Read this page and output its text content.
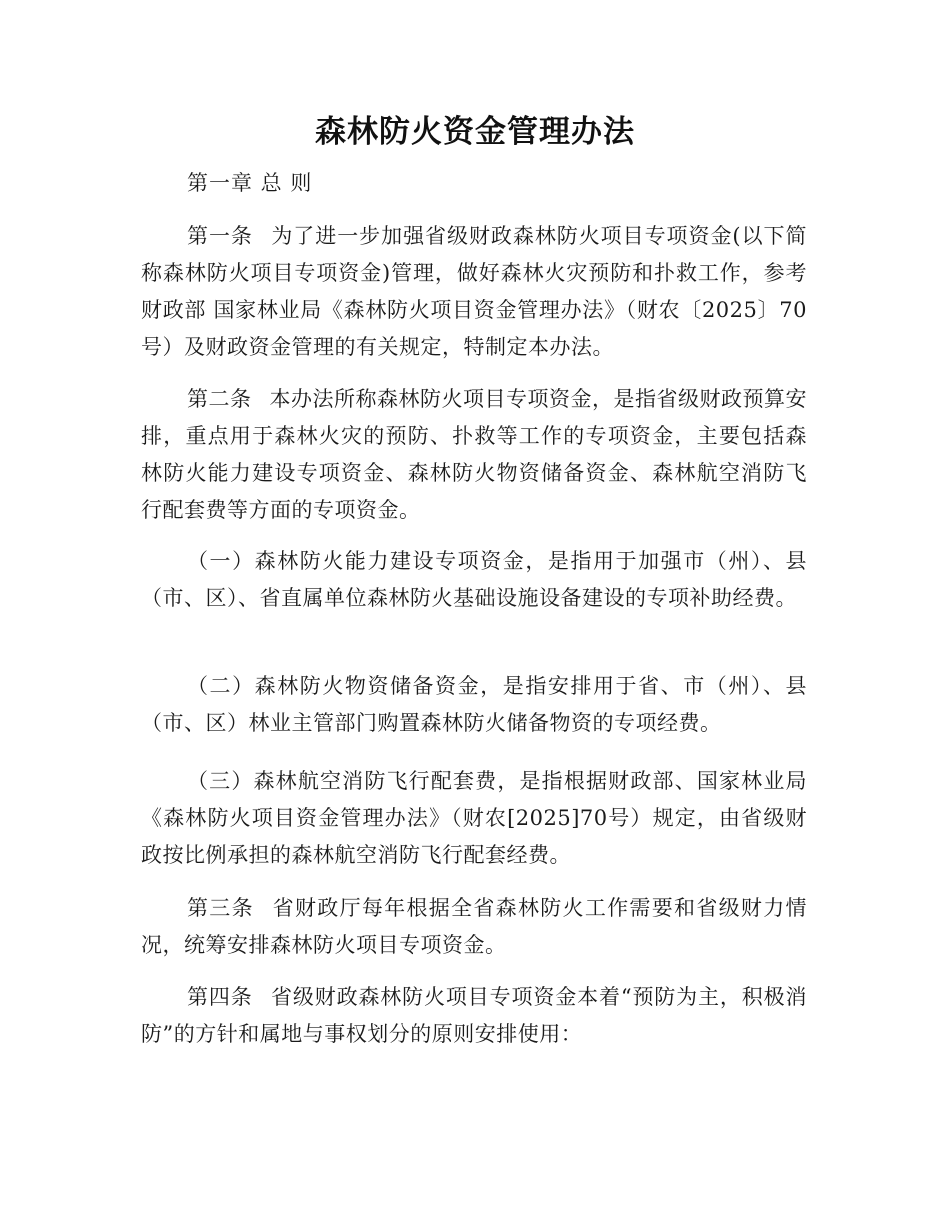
森林防火资金管理办法
第一章 总 则
第一条 为了进一步加强省级财政森林防火项目专项资金(以下简称森林防火项目专项资金)管理，做好森林火灾预防和扑救工作，参考财政部 国家林业局《森林防火项目资金管理办法》（财农〔2025〕70号）及财政资金管理的有关规定，特制定本办法。
第二条 本办法所称森林防火项目专项资金，是指省级财政预算安排，重点用于森林火灾的预防、扑救等工作的专项资金，主要包括森林防火能力建设专项资金、森林防火物资储备资金、森林航空消防飞行配套费等方面的专项资金。
（一）森林防火能力建设专项资金，是指用于加强市（州）、县（市、区）、省直属单位森林防火基础设施设备建设的专项补助经费。
（二）森林防火物资储备资金，是指安排用于省、市（州）、县（市、区）林业主管部门购置森林防火储备物资的专项经费。
（三）森林航空消防飞行配套费，是指根据财政部、国家林业局《森林防火项目资金管理办法》（财农[2025]70号）规定，由省级财政按比例承担的森林航空消防飞行配套经费。
第三条 省财政厅每年根据全省森林防火工作需要和省级财力情况，统筹安排森林防火项目专项资金。
第四条 省级财政森林防火项目专项资金本着“预防为主，积极消防”的方针和属地与事权划分的原则安排使用：
